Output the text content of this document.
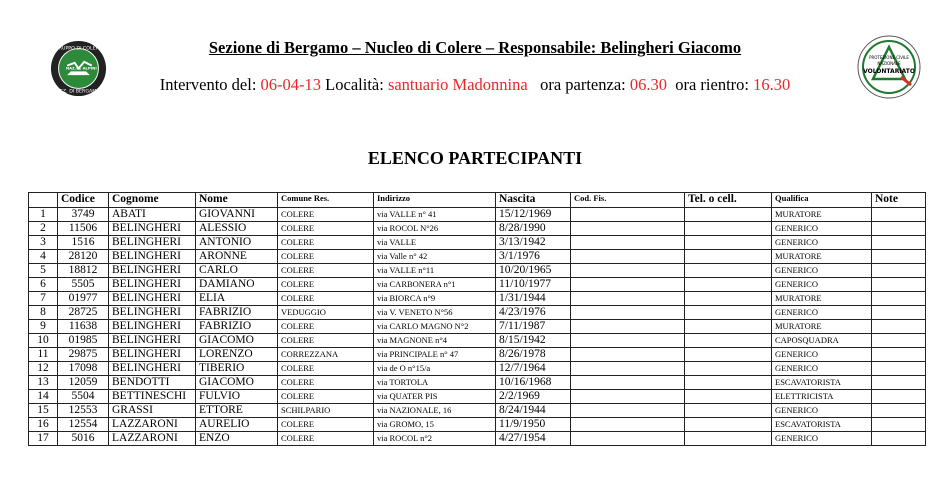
GRUPPO DI COLERE
NAZ.LE ALPINI
SEZ. DI BERGAMO
PROTEZIONE CIVILE
NAZIONALE
VOLONTARIATO
Sezione di Bergamo – Nucleo di Colere – Responsabile: Belingheri Giacomo
Intervento del: 06-04-13 Località: santuario Madonnina   ora partenza: 06.30  ora rientro: 16.30
ELENCO PARTECIPANTI
	Codice	Cognome	Nome	Comune Res.	Indirizzo	Nascita	Cod. Fis.	Tel. o cell.	Qualifica	Note
1	3749	ABATI	GIOVANNI	COLERE	via VALLE n° 41	15/12/1969			MURATORE	
2	11506	BELINGHERI	ALESSIO	COLERE	via ROCOL N°26	8/28/1990			GENERICO	
3	1516	BELINGHERI	ANTONIO	COLERE	via VALLE	3/13/1942			GENERICO	
4	28120	BELINGHERI	ARONNE	COLERE	via Valle n° 42	3/1/1976			MURATORE	
5	18812	BELINGHERI	CARLO	COLERE	via VALLE n°11	10/20/1965			GENERICO	
6	5505	BELINGHERI	DAMIANO	COLERE	via CARBONERA n°1	11/10/1977			GENERICO	
7	01977	BELINGHERI	ELIA	COLERE	via BIORCA n°9	1/31/1944			MURATORE	
8	28725	BELINGHERI	FABRIZIO	VEDUGGIO	via V. VENETO N°56	4/23/1976			GENERICO	
9	11638	BELINGHERI	FABRIZIO	COLERE	via CARLO MAGNO N°2	7/11/1987			MURATORE	
10	01985	BELINGHERI	GIACOMO	COLERE	via MAGNONE n°4	8/15/1942			CAPOSQUADRA	
11	29875	BELINGHERI	LORENZO	CORREZZANA	via PRINCIPALE n° 47	8/26/1978			GENERICO	
12	17098	BELINGHERI	TIBERIO	COLERE	via de O n°15/a	12/7/1964			GENERICO	
13	12059	BENDOTTI	GIACOMO	COLERE	via TORTOLA	10/16/1968			ESCAVATORISTA	
14	5504	BETTINESCHI	FULVIO	COLERE	via QUATER PIS	2/2/1969			ELETTRICISTA	
15	12553	GRASSI	ETTORE	SCHILPARIO	via NAZIONALE, 16	8/24/1944			GENERICO	
16	12554	LAZZARONI	AURELIO	COLERE	via GROMO, 15	11/9/1950			ESCAVATORISTA	
17	5016	LAZZARONI	ENZO	COLERE	via ROCOL n°2	4/27/1954			GENERICO	
